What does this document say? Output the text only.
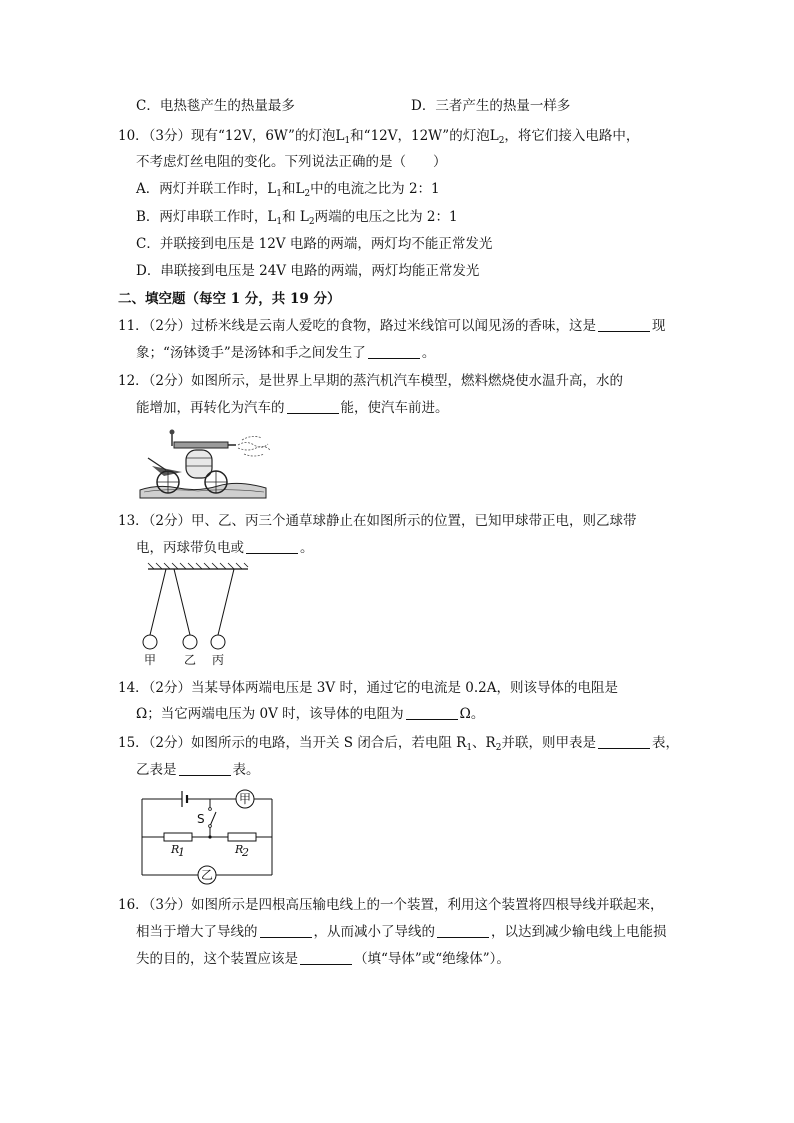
C．电热毯产生的热量最多	D．三者产生的热量一样多
10．（3分）现有“12V，6W”的灯泡$L_1$和“12V，12W”的灯泡$L_2$，将它们接入电路中，
不考虑灯丝电阻的变化。下列说法正确的是（　　）
A．两灯并联工作时，$L_1$和$L_2$中的电流之比为 2：1
B．两灯串联工作时，$L_1$和 $L_2$两端的电压之比为 2：1
C．并联接到电压是 12V 电路的两端，两灯均不能正常发光
D．串联接到电压是 24V 电路的两端，两灯均能正常发光
二、填空题（每空 1 分，共 19 分）
11．（2分）过桥米线是云南人爱吃的食物，路过米线馆可以闻见汤的香味，这是	现
象；“汤钵烫手”是汤钵和手之间发生了	。
12．（2分）如图所示，是世界上早期的蒸汽机汽车模型，燃料燃烧使水温升高，水的
能增加，再转化为汽车的	能，使汽车前进。
13．（2分）甲、乙、丙三个通草球静止在如图所示的位置，已知甲球带正电，则乙球带
电，丙球带负电或	。
甲 乙 丙
14．（2分）当某导体两端电压是 3V 时，通过它的电流是 0.2A，则该导体的电阻是
Ω；当它两端电压为 0V 时，该导体的电阻为	Ω。
15．（2分）如图所示的电路，当开关 S 闭合后，若电阻 $R_1$、$R_2$并联，则甲表是	表，
乙表是	表。
甲
S
R
1	R
2
乙
16．（3分）如图所示是四根高压输电线上的一个装置，利用这个装置将四根导线并联起来，
相当于增大了导线的	，从而减小了导线的	，以达到减少输电线上电能损
失的目的，这个装置应该是	（填“导体”或“绝缘体”）。
